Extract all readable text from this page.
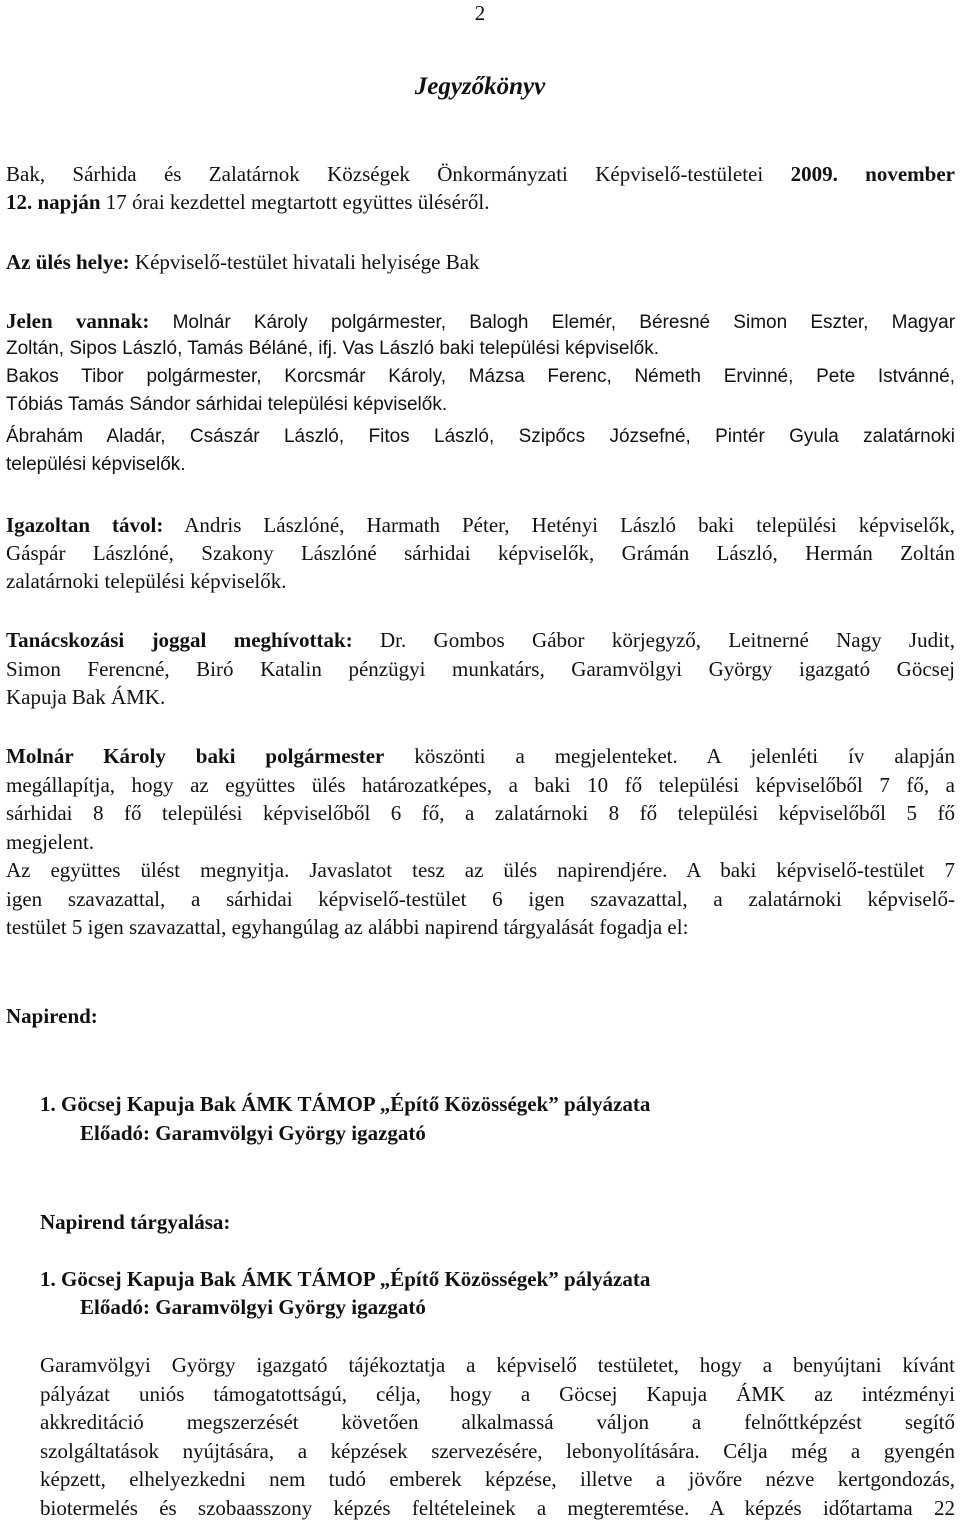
2
Jegyzőkönyv
Bak, Sárhida és Zalatárnok Községek Önkormányzati Képviselő-testületei 2009. november
12. napján 17 órai kezdettel megtartott együttes üléséről.
Az ülés helye: Képviselő-testület hivatali helyisége Bak
Jelen vannak: Molnár Károly polgármester, Balogh Elemér, Béresné Simon Eszter, Magyar
Zoltán, Sipos László, Tamás Béláné, ifj. Vas László baki települési képviselők.
Bakos Tibor polgármester, Korcsmár Károly, Mázsa Ferenc, Németh Ervinné, Pete Istvánné,
Tóbiás Tamás Sándor sárhidai települési képviselők.
Ábrahám Aladár, Császár László, Fitos László, Szipőcs Józsefné, Pintér Gyula zalatárnoki
települési képviselők.
Igazoltan távol: Andris Lászlóné, Harmath Péter, Hetényi László baki települési képviselők,
Gáspár Lászlóné, Szakony Lászlóné sárhidai képviselők, Grámán László, Hermán Zoltán
zalatárnoki települési képviselők.
Tanácskozási joggal meghívottak: Dr. Gombos Gábor körjegyző, Leitnerné Nagy Judit,
Simon Ferencné, Biró Katalin pénzügyi munkatárs, Garamvölgyi György igazgató Göcsej
Kapuja Bak ÁMK.
Molnár Károly baki polgármester köszönti a megjelenteket. A jelenléti ív alapján
megállapítja, hogy az együttes ülés határozatképes, a baki 10 fő települési képviselőből 7 fő, a
sárhidai 8 fő települési képviselőből 6 fő, a zalatárnoki 8 fő települési képviselőből 5 fő
megjelent.
Az együttes ülést megnyitja. Javaslatot tesz az ülés napirendjére. A baki képviselő-testület 7
igen szavazattal, a sárhidai képviselő-testület 6 igen szavazattal, a zalatárnoki képviselő-
testület 5 igen szavazattal, egyhangúlag az alábbi napirend tárgyalását fogadja el:
Napirend:
1. Göcsej Kapuja Bak ÁMK TÁMOP „Építő Közösségek” pályázata
Előadó: Garamvölgyi György igazgató
Napirend tárgyalása:
1. Göcsej Kapuja Bak ÁMK TÁMOP „Építő Közösségek” pályázata
Előadó: Garamvölgyi György igazgató
Garamvölgyi György igazgató tájékoztatja a képviselő testületet, hogy a benyújtani kívánt
pályázat uniós támogatottságú, célja, hogy a Göcsej Kapuja ÁMK az intézményi
akkreditáció megszerzését követően alkalmassá váljon a felnőttképzést segítő
szolgáltatások nyújtására, a képzések szervezésére, lebonyolítására. Célja még a gyengén
képzett, elhelyezkedni nem tudó emberek képzése, illetve a jövőre nézve kertgondozás,
biotermelés és szobaasszony képzés feltételeinek a megteremtése. A képzés időtartama 22
